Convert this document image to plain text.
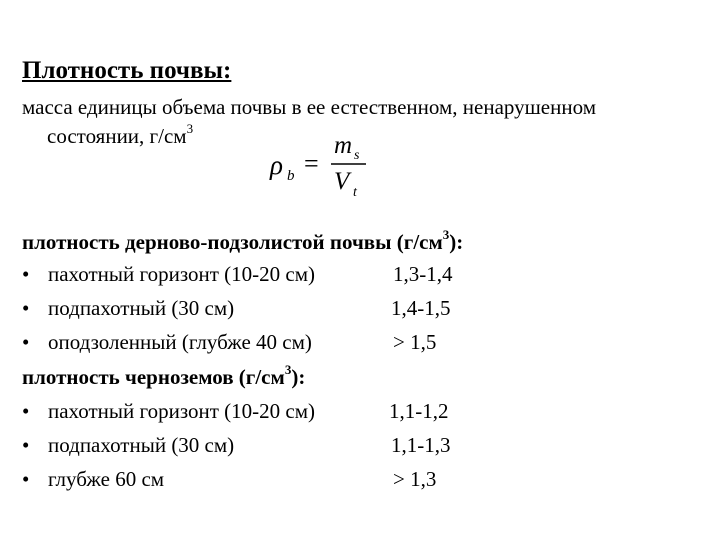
Плотность почвы:
масса единицы объема почвы в ее естественном, ненарушенном
состоянии, $г/см^3$
ρ b =
m s
V t
плотность дерново-подзолистой почвы $(г/см^3)$:
• пахотный горизонт (10-20 см)	1,3-1,4
• подпахотный (30 см)	1,4-1,5
• оподзоленный (глубже 40 см)	> 1,5
плотность черноземов $(г/см^3)$:
• пахотный горизонт (10-20 см)	1,1-1,2
• подпахотный (30 см)	1,1-1,3
• глубже 60 см	> 1,3
